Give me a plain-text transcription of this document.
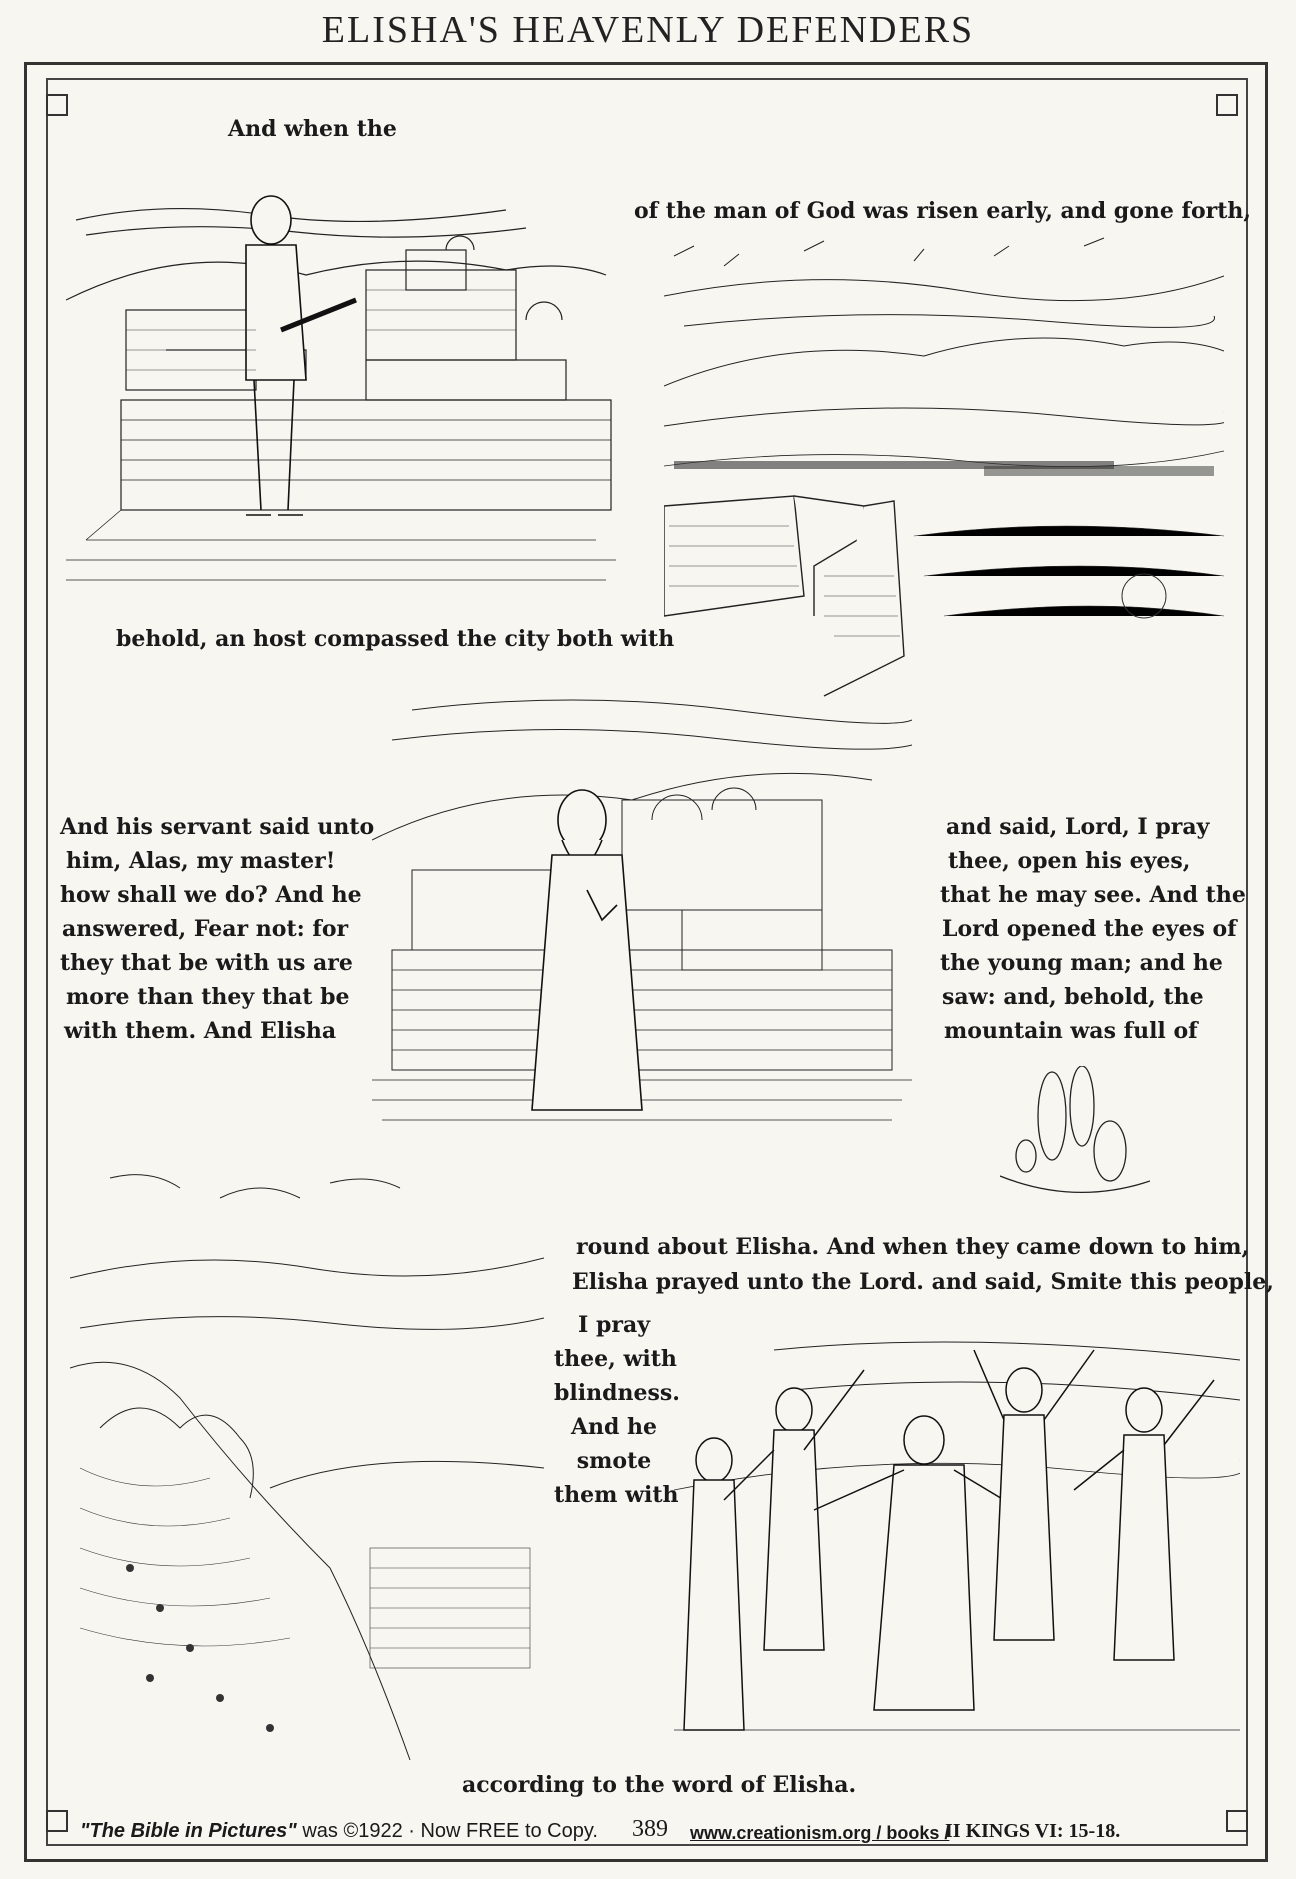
ELISHA'S HEAVENLY DEFENDERS
And when the
of the man of God was risen early, and gone forth,
behold, an host compassed the city both with
And his servant said unto
him, Alas, my master!
how shall we do? And he
answered, Fear not: for
they that be with us are
more than they that be
with them. And Elisha
and said, Lord, I pray
thee, open his eyes,
that he may see. And the
Lord opened the eyes of
the young man; and he
saw: and, behold, the
mountain was full of
round about Elisha. And when they came down to him,
Elisha prayed unto the Lord. and said, Smite this people,
I pray
thee, with
blindness.
And he
smote
them with
according to the word of Elisha.
"The Bible in Pictures" was ©1922 · Now FREE to Copy. 389 www.creationism.org / books /
II KINGS VI: 15-18.
